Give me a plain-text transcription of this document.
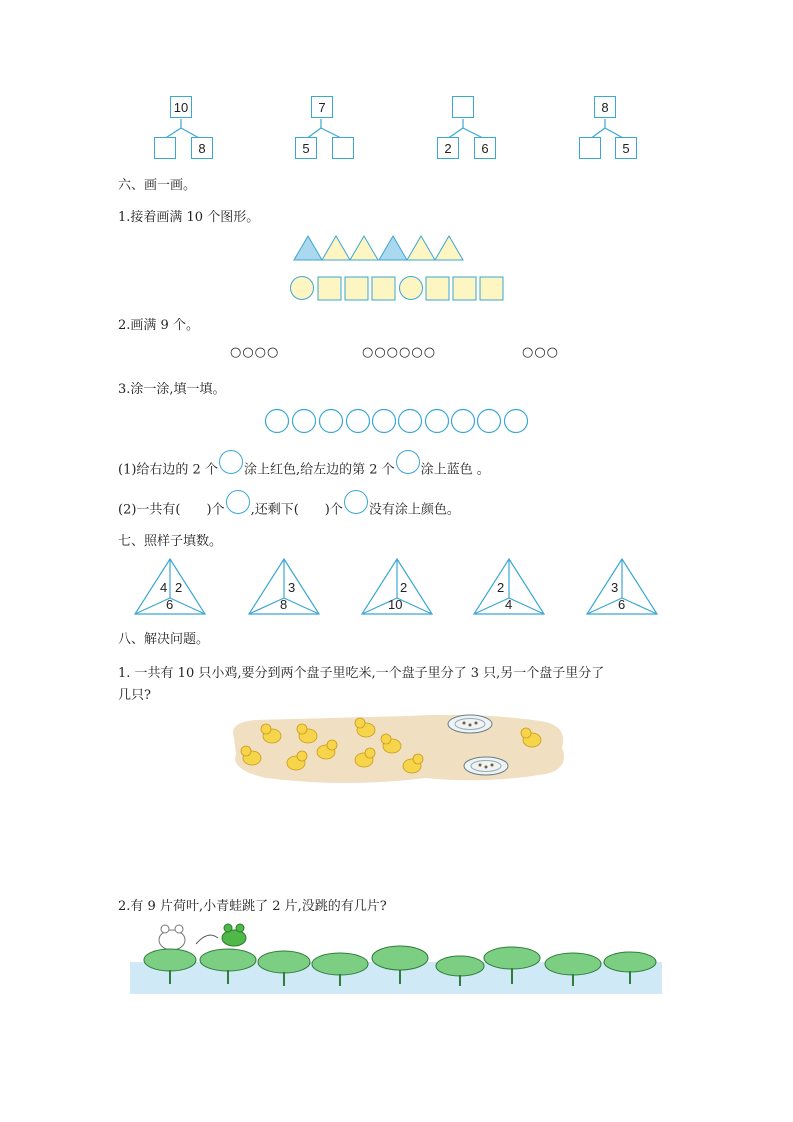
10
8
7
5	2	6
8
5
六、画一画。
1.接着画满 10 个图形。
2.画满 9 个。
○○○○	○○○○○○	○○○
3.涂一涂,填一填。
(1)给右边的 2 个 涂上红色,给左边的第 2 个 涂上蓝色 。
(2)一共有(　　)个 ,还剩下(　　)个 没有涂上颜色。
七、照样子填数。
4 2
6
3
8
2
10
2
4
3
6
八、解决问题。
1. 一共有 10 只小鸡,要分到两个盘子里吃米,一个盘子里分了 3 只,另一个盘子里分了
几只?
2.有 9 片荷叶,小青蛙跳了 2 片,没跳的有几片?
